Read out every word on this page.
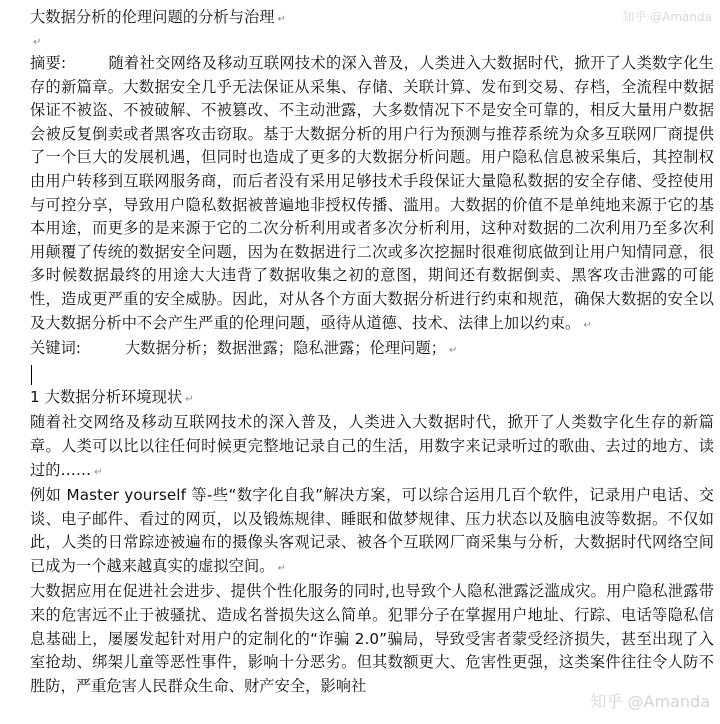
大数据分析的伦理问题的分析与治理 ↵
↵

摘要:	随着社交网络及移动互联网技术的深入普及，人类进入大数据时代，掀开了人类数字化生存的新篇章。大数据安全几乎无法保证从采集、存储、关联计算、发布到交易、存档，全流程中数据保证不被盗、不被破解、不被篡改、不主动泄露，大多数情况下不是安全可靠的，相反大量用户数据会被反复倒卖或者黑客攻击窃取。基于大数据分析的用户行为预测与推荐系统为众多互联网厂商提供了一个巨大的发展机遇，但同时也造成了更多的大数据分析问题。用户隐私信息被采集后，其控制权由用户转移到互联网服务商，而后者没有采用足够技术手段保证大量隐私数据的安全存储、受控使用与可控分享，导致用户隐私数据被普遍地非授权传播、滥用。大数据的价值不是单纯地来源于它的基本用途，而更多的是来源于它的二次分析利用或者多次分析利用，这种对数据的二次利用乃至多次利用颠覆了传统的数据安全问题，因为在数据进行二次或多次挖掘时很难彻底做到让用户知情同意，很多时候数据最终的用途大大违背了数据收集之初的意图，期间还有数据倒卖、黑客攻击泄露的可能性，造成更严重的安全威胁。因此，对从各个方面大数据分析进行约束和规范，确保大数据的安全以及大数据分析中不会产生严重的伦理问题，亟待从道德、技术、法律上加以约束。 ↵

关键词:	大数据分析；数据泄露；隐私泄露；伦理问题； ↵

1 大数据分析环境现状 ↵

随着社交网络及移动互联网技术的深入普及，人类进入大数据时代，掀开了人类数字化生存的新篇章。人类可以比以往任何时候更完整地记录自己的生活，用数字来记录听过的歌曲、去过的地方、读过的…… ↵

例如 Master yourself 等-些“数字化自我”解决方案，可以综合运用几百个软件，记录用户电话、交谈、电子邮件、看过的网页，以及锻炼规律、睡眠和做梦规律、压力状态以及脑电波等数据。不仅如此，人类的日常踪迹被遍布的摄像头客观记录、被各个互联网厂商采集与分析，大数据时代网络空间已成为一个越来越真实的虚拟空间。 ↵

大数据应用在促进社会进步、提供个性化服务的同时,也导致个人隐私泄露泛滥成灾。用户隐私泄露带来的危害远不止于被骚扰、造成名誉损失这么简单。犯罪分子在掌握用户地址、行踪、电话等隐私信息基础上，屡屡发起针对用户的定制化的“诈骗 2.0”骗局，导致受害者蒙受经济损失，甚至出现了入室抢劫、绑架儿童等恶性事件，影响十分恶劣。但其数额更大、危害性更强，这类案件往往令人防不胜防，严重危害人民群众生命、财产安全，影响社

知乎 @Amanda
知乎 @Amanda
